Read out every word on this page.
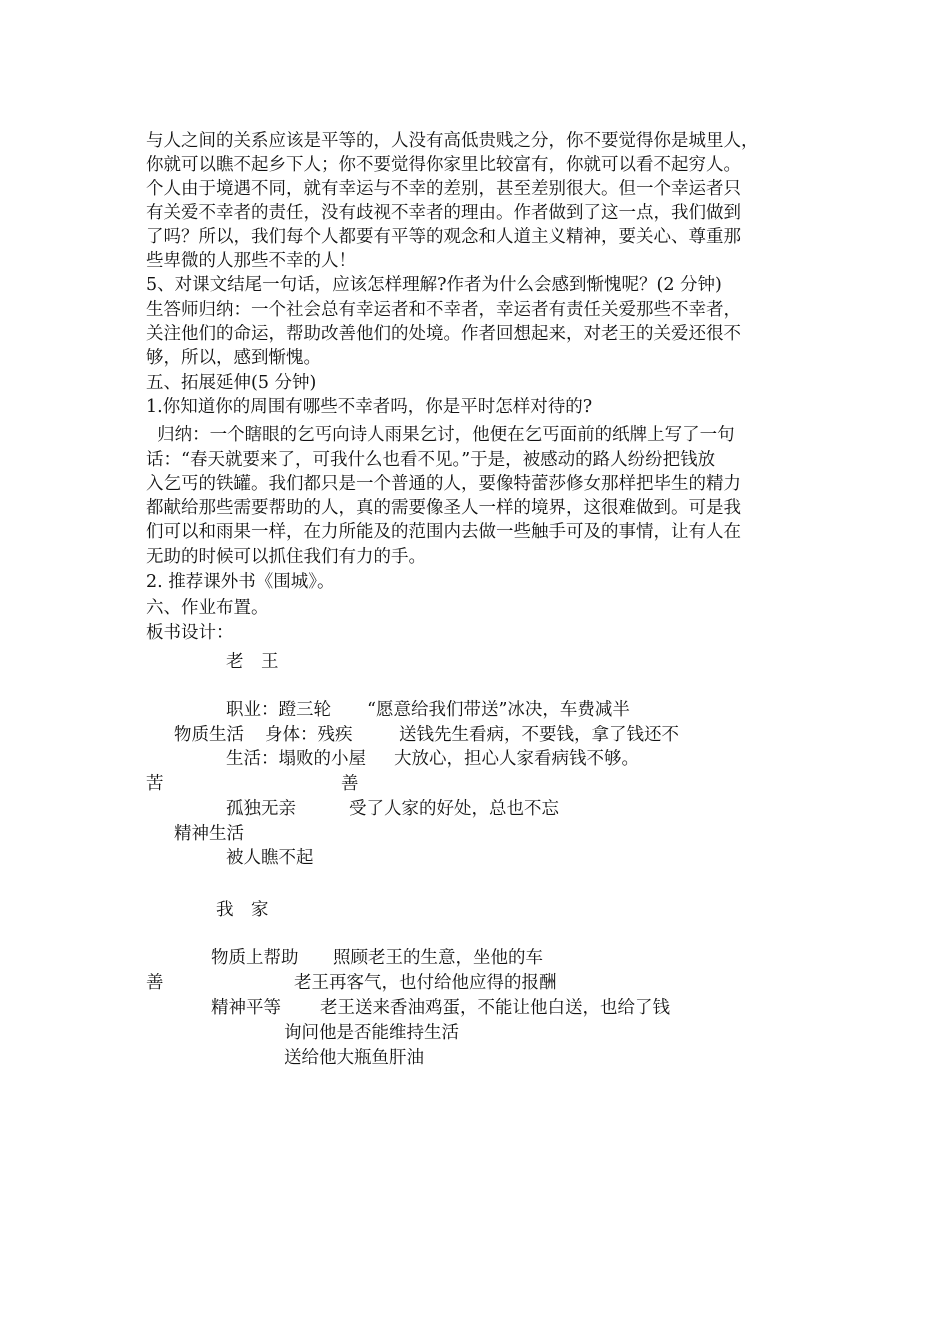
与人之间的关系应该是平等的，人没有高低贵贱之分，你不要觉得你是城里人，
你就可以瞧不起乡下人；你不要觉得你家里比较富有，你就可以看不起穷人。
个人由于境遇不同，就有幸运与不幸的差别，甚至差别很大。但一个幸运者只
有关爱不幸者的责任，没有歧视不幸者的理由。作者做到了这一点，我们做到
了吗？所以，我们每个人都要有平等的观念和人道主义精神，要关心、尊重那
些卑微的人那些不幸的人！
5、对课文结尾一句话，应该怎样理解?作者为什么会感到惭愧呢？(2 分钟)
生答师归纳：一个社会总有幸运者和不幸者，幸运者有责任关爱那些不幸者，
关注他们的命运，帮助改善他们的处境。作者回想起来，对老王的关爱还很不
够，所以，感到惭愧。
五、拓展延伸(5 分钟)
1.你知道你的周围有哪些不幸者吗，你是平时怎样对待的?
归纳：一个瞎眼的乞丐向诗人雨果乞讨，他便在乞丐面前的纸牌上写了一句
话：“春天就要来了，可我什么也看不见。”于是，被感动的路人纷纷把钱放
入乞丐的铁罐。我们都只是一个普通的人，要像特蕾莎修女那样把毕生的精力
都献给那些需要帮助的人，真的需要像圣人一样的境界，这很难做到。可是我
们可以和雨果一样，在力所能及的范围内去做一些触手可及的事情，让有人在
无助的时候可以抓住我们有力的手。
2. 推荐课外书《围城》。
六、作业布置。
板书设计：
老　王
职业：蹬三轮 “愿意给我们带送”冰决，车费减半
物质生活 身体：残疾	送钱先生看病，不要钱，拿了钱还不
生活：塌败的小屋 大放心，担心人家看病钱不够。
苦	善
孤独无亲	受了人家的好处，总也不忘
精神生活
被人瞧不起
我　家
物质上帮助 照顾老王的生意，坐他的车
善	老王再客气，也付给他应得的报酬
精神平等 老王送来香油鸡蛋，不能让他白送，也给了钱
询问他是否能维持生活
送给他大瓶鱼肝油
